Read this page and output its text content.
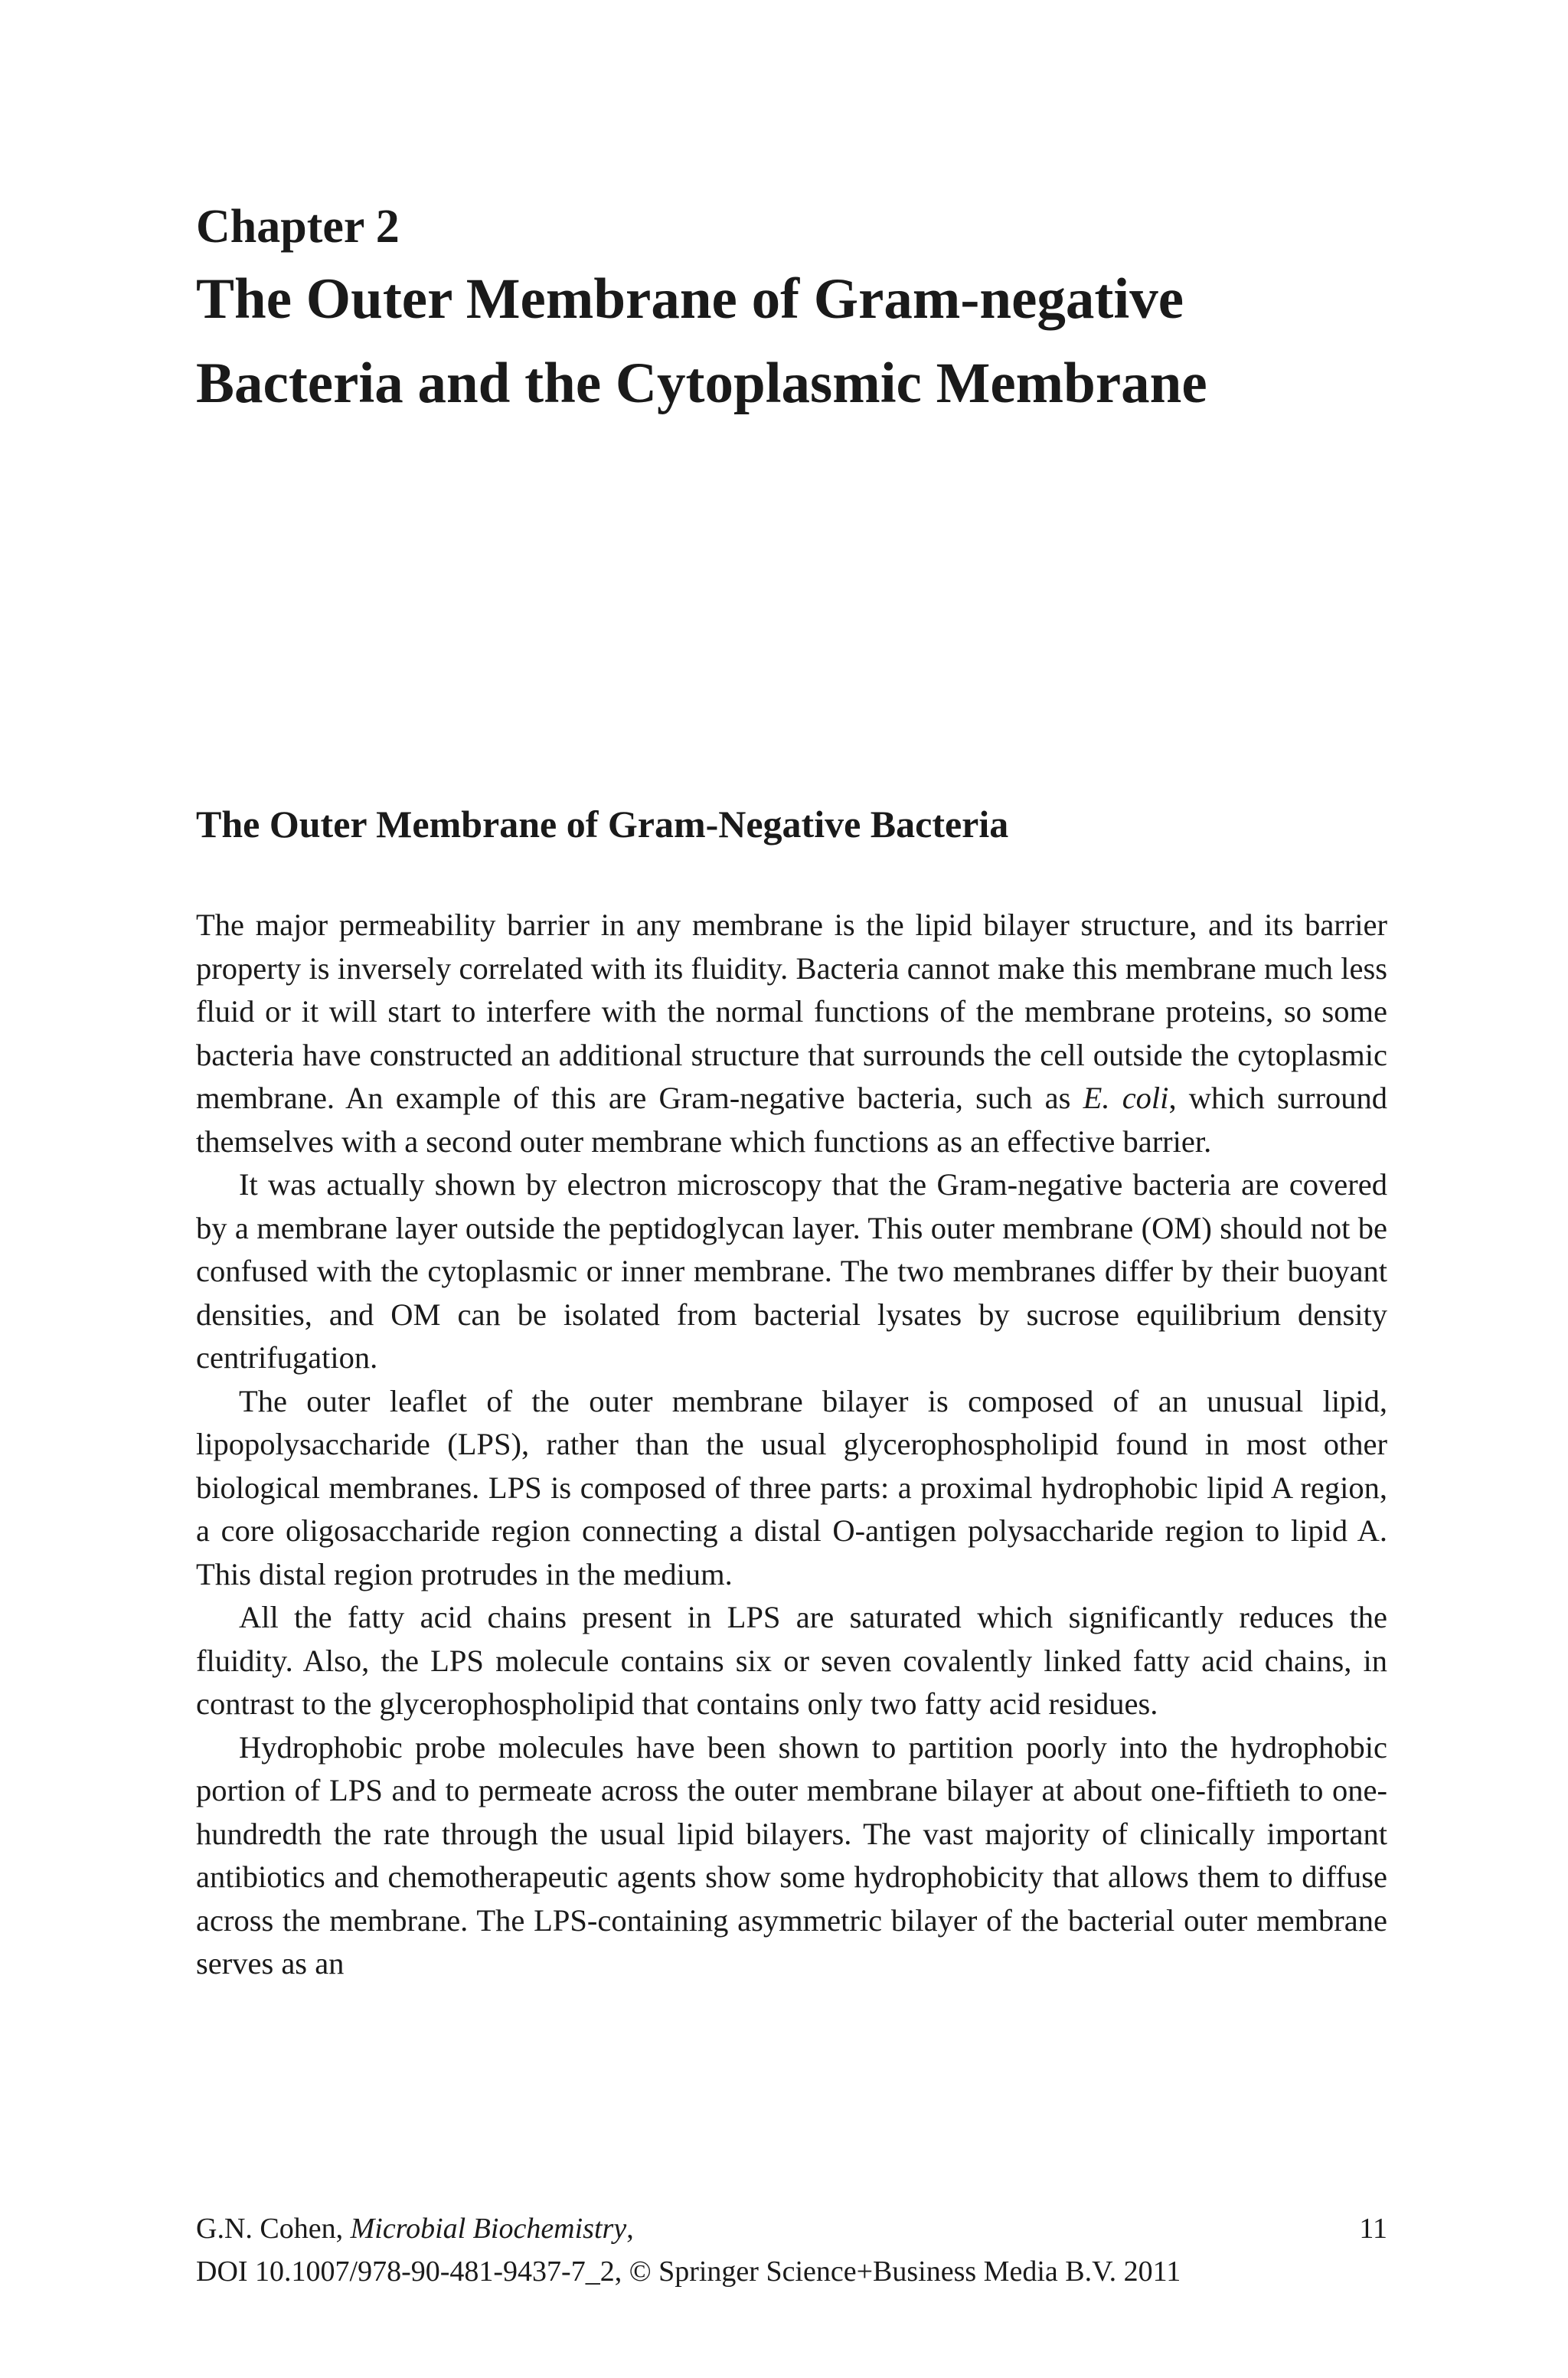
Chapter 2
The Outer Membrane of Gram-negative Bacteria and the Cytoplasmic Membrane
The Outer Membrane of Gram-Negative Bacteria

The major permeability barrier in any membrane is the lipid bilayer structure, and its barrier property is inversely correlated with its fluidity. Bacteria cannot make this membrane much less fluid or it will start to interfere with the normal functions of the membrane proteins, so some bacteria have constructed an additional structure that surrounds the cell outside the cytoplasmic membrane. An example of this are Gram-negative bacteria, such as E. coli, which surround themselves with a second outer membrane which functions as an effective barrier.

It was actually shown by electron microscopy that the Gram-negative bacteria are covered by a membrane layer outside the peptidoglycan layer. This outer membrane (OM) should not be confused with the cytoplasmic or inner membrane. The two membranes differ by their buoyant densities, and OM can be isolated from bacterial lysates by sucrose equilibrium density centrifugation.

The outer leaflet of the outer membrane bilayer is composed of an unusual lipid, lipopolysaccharide (LPS), rather than the usual glycerophospholipid found in most other biological membranes. LPS is composed of three parts: a proximal hydrophobic lipid A region, a core oligosaccharide region connecting a distal O-antigen polysaccharide region to lipid A. This distal region protrudes in the medium.

All the fatty acid chains present in LPS are saturated which significantly reduces the fluidity. Also, the LPS molecule contains six or seven covalently linked fatty acid chains, in contrast to the glycerophospholipid that contains only two fatty acid residues.

Hydrophobic probe molecules have been shown to partition poorly into the hydrophobic portion of LPS and to permeate across the outer membrane bilayer at about one-fiftieth to one-hundredth the rate through the usual lipid bilayers. The vast majority of clinically important antibiotics and chemotherapeutic agents show some hydrophobicity that allows them to diffuse across the membrane. The LPS-containing asymmetric bilayer of the bacterial outer membrane serves as an

G.N. Cohen, Microbial Biochemistry,	11
DOI 10.1007/978-90-481-9437-7_2, © Springer Science+Business Media B.V. 2011
